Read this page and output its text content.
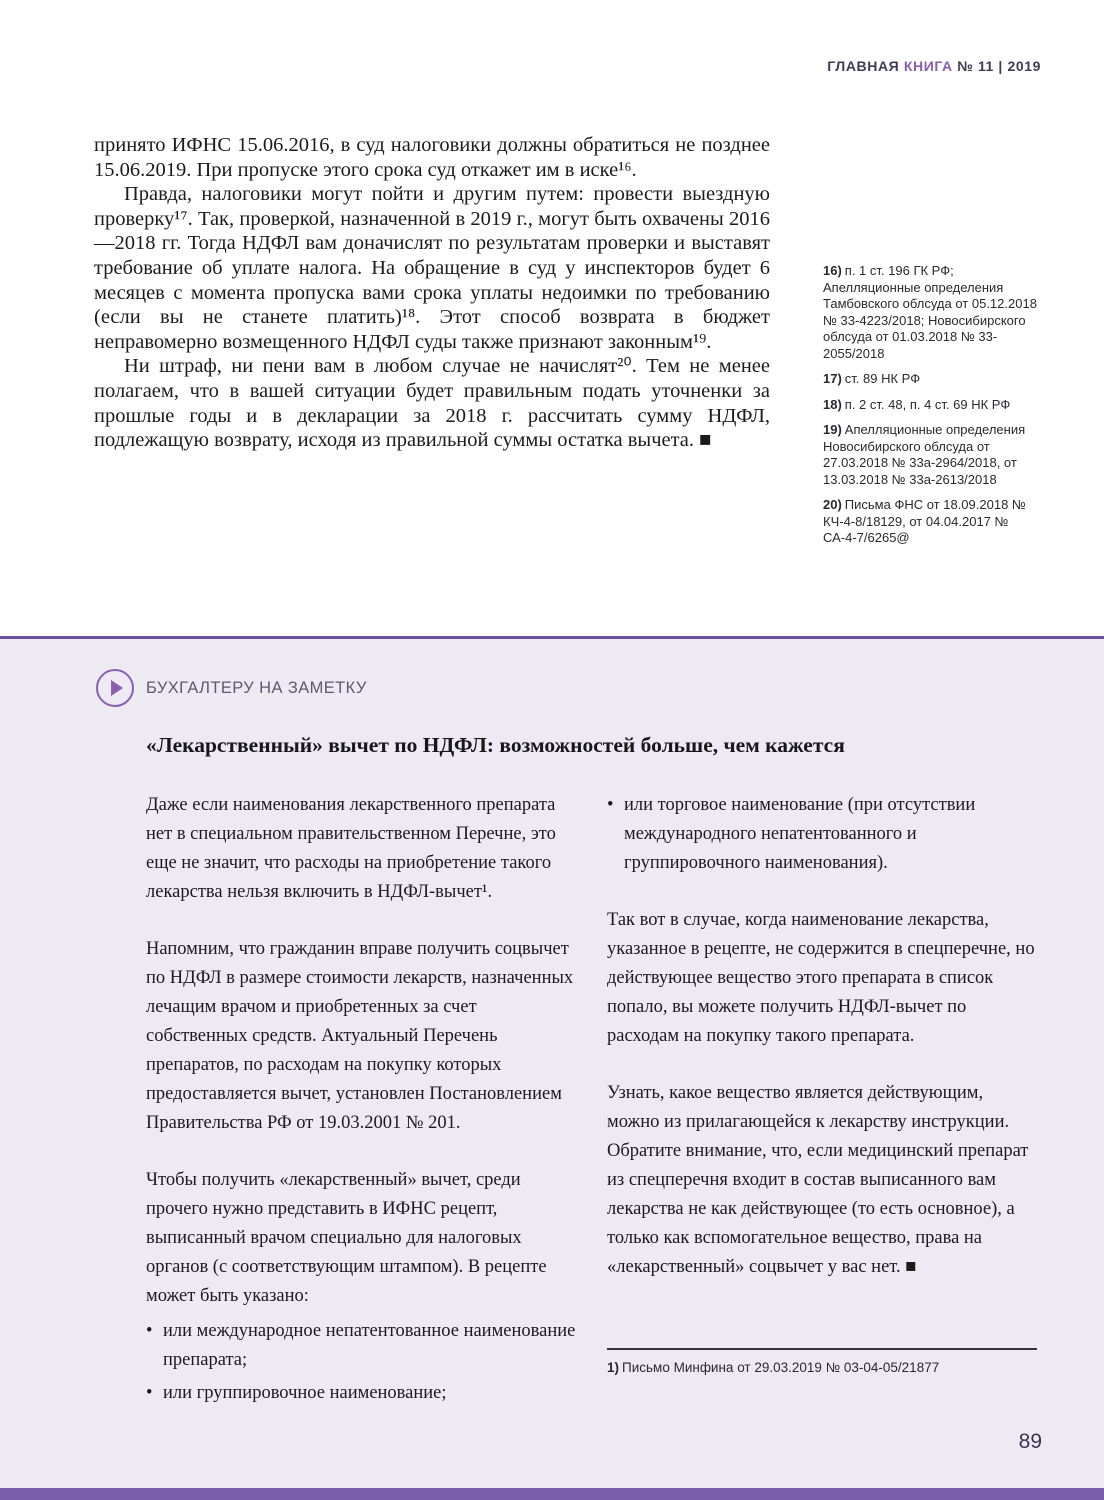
ГЛАВНАЯ КНИГА № 11 | 2019

принято ИФНС 15.06.2016, в суд налоговики должны обратиться не позднее 15.06.2019. При пропуске этого срока суд откажет им в иске¹⁶.

Правда, налоговики могут пойти и другим путем: провести выездную проверку¹⁷. Так, проверкой, назначенной в 2019 г., могут быть охвачены 2016—2018 гг. Тогда НДФЛ вам доначислят по результатам проверки и выставят требование об уплате налога. На обращение в суд у инспекторов будет 6 месяцев с момента пропуска вами срока уплаты недоимки по требованию (если вы не станете платить)¹⁸. Этот способ возврата в бюджет неправомерно возмещенного НДФЛ суды также признают законным¹⁹.

Ни штраф, ни пени вам в любом случае не начислят²⁰. Тем не менее полагаем, что в вашей ситуации будет правильным подать уточненки за прошлые годы и в декларации за 2018 г. рассчитать сумму НДФЛ, подлежащую возврату, исходя из правильной суммы остатка вычета. ■

16) п. 1 ст. 196 ГК РФ; Апелляционные определения Тамбовского облсуда от 05.12.2018 № 33-4223/2018; Новосибирского облсуда от 01.03.2018 № 33-2055/2018
17) ст. 89 НК РФ
18) п. 2 ст. 48, п. 4 ст. 69 НК РФ
19) Апелляционные определения Новосибирского облсуда от 27.03.2018 № 33а-2964/2018, от 13.03.2018 № 33а-2613/2018
20) Письма ФНС от 18.09.2018 № КЧ-4-8/18129, от 04.04.2017 № СА-4-7/6265@
БУХГАЛТЕРУ НА ЗАМЕТКУ
«Лекарственный» вычет по НДФЛ: возможностей больше, чем кажется

Даже если наименования лекарственного препарата нет в специальном правительственном Перечне, это еще не значит, что расходы на приобретение такого лекарства нельзя включить в НДФЛ-вычет¹.

Напомним, что гражданин вправе получить соцвычет по НДФЛ в размере стоимости лекарств, назначенных лечащим врачом и приобретенных за счет собственных средств. Актуальный Перечень препаратов, по расходам на покупку которых предоставляется вычет, установлен Постановлением Правительства РФ от 19.03.2001 № 201.

Чтобы получить «лекарственный» вычет, среди прочего нужно представить в ИФНС рецепт, выписанный врачом специально для налоговых органов (с соответствующим штампом). В рецепте может быть указано:

• или международное непатентованное наименование препарата;
• или группировочное наименование;
• или торговое наименование (при отсутствии международного непатентованного и группировочного наименования).

Так вот в случае, когда наименование лекарства, указанное в рецепте, не содержится в спецперечне, но действующее вещество этого препарата в список попало, вы можете получить НДФЛ-вычет по расходам на покупку такого препарата.

Узнать, какое вещество является действующим, можно из прилагающейся к лекарству инструкции. Обратите внимание, что, если медицинский препарат из спецперечня входит в состав выписанного вам лекарства не как действующее (то есть основное), а только как вспомогательное вещество, права на «лекарственный» соцвычет у вас нет. ■

1) Письмо Минфина от 29.03.2019 № 03-04-05/21877
89
